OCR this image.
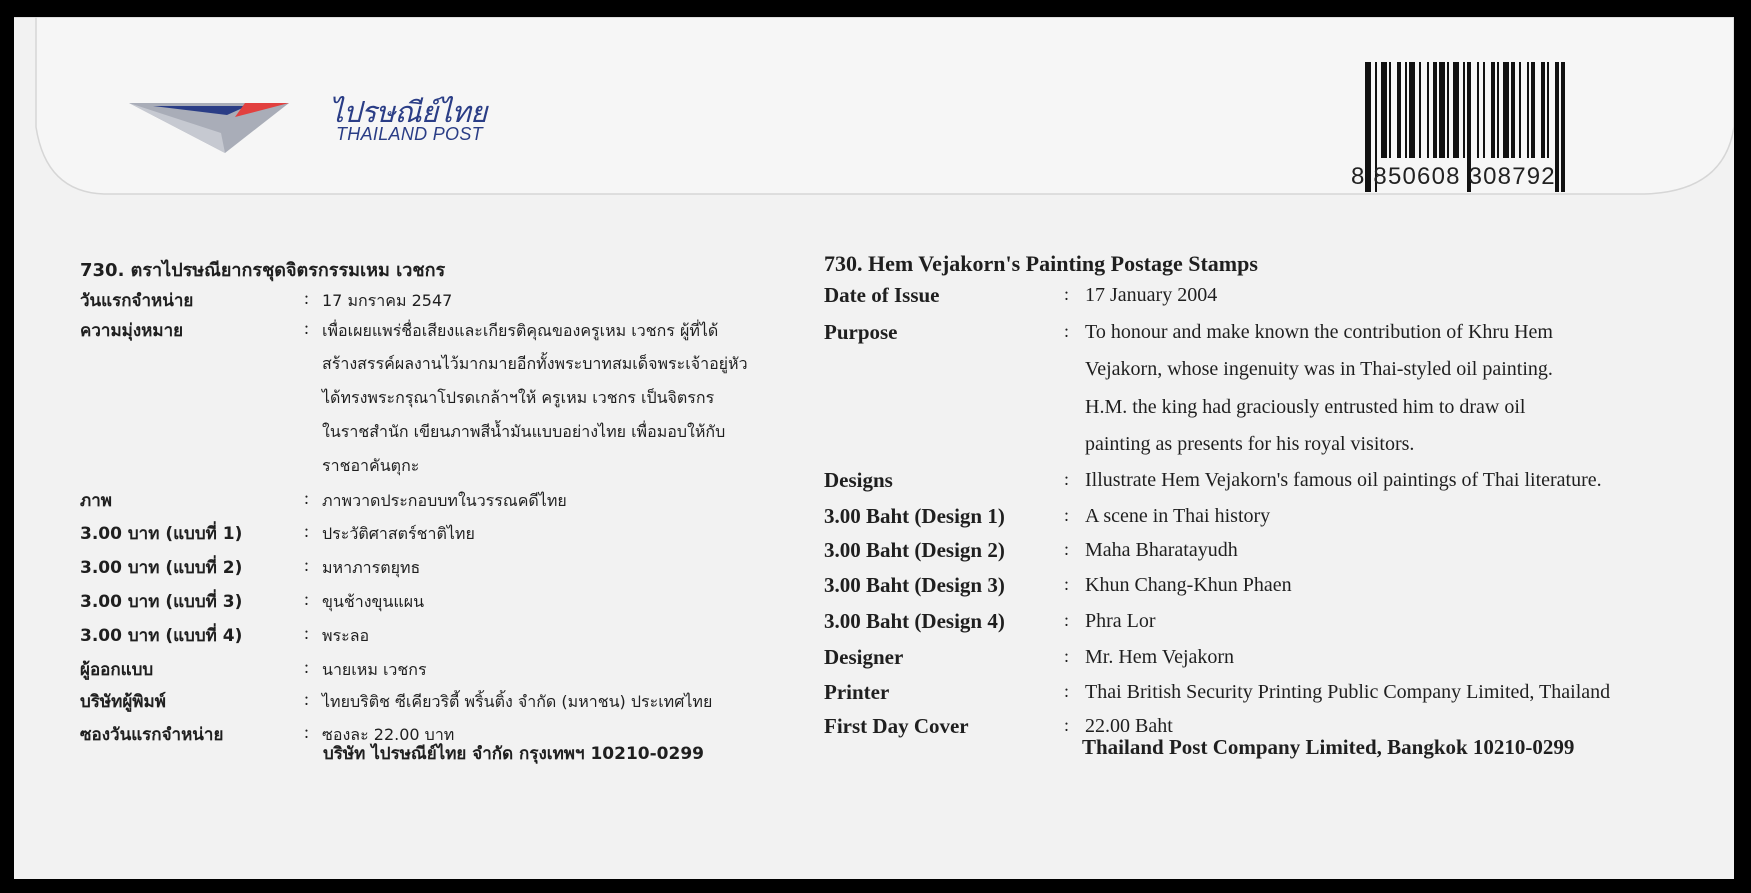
ไปรษณีย์ไทย
THAILAND POST
8 850608 308792
730. ตราไปรษณียากรชุดจิตรกรรมเหม เวชกร
วันแรกจำหน่าย	: 17 มกราคม 2547
ความมุ่งหมาย	: เพื่อเผยแพร่ชื่อเสียงและเกียรติคุณของครูเหม เวชกร ผู้ที่ได้
สร้างสรรค์ผลงานไว้มากมายอีกทั้งพระบาทสมเด็จพระเจ้าอยู่หัว
ได้ทรงพระกรุณาโปรดเกล้าฯให้ ครูเหม เวชกร เป็นจิตรกร
ในราชสำนัก เขียนภาพสีน้ำมันแบบอย่างไทย เพื่อมอบให้กับ
ราชอาคันตุกะ
ภาพ	: ภาพวาดประกอบบทในวรรณคดีไทย
3.00 บาท (แบบที่ 1)	: ประวัติศาสตร์ชาติไทย
3.00 บาท (แบบที่ 2)	: มหาภารตยุทธ
3.00 บาท (แบบที่ 3)	: ขุนช้างขุนแผน
3.00 บาท (แบบที่ 4)	: พระลอ
ผู้ออกแบบ	: นายเหม เวชกร
บริษัทผู้พิมพ์	: ไทยบริติช ซีเคียวริตี้ พริ้นติ้ง จำกัด (มหาชน) ประเทศไทย
ซองวันแรกจำหน่าย	: ซองละ 22.00 บาท
730. Hem Vejakorn's Painting Postage Stamps
Date of Issue	: 17 January 2004
Purpose	: To honour and make known the contribution of Khru Hem
Vejakorn, whose ingenuity was in Thai-styled oil painting.
H.M. the king had graciously entrusted him to draw oil
painting as presents for his royal visitors.
Designs	: Illustrate Hem Vejakorn's famous oil paintings of Thai literature.
3.00 Baht (Design 1)	: A scene in Thai history
3.00 Baht (Design 2)	: Maha Bharatayudh
3.00 Baht (Design 3)	: Khun Chang-Khun Phaen
3.00 Baht (Design 4)	: Phra Lor
Designer	: Mr. Hem Vejakorn
Printer	: Thai British Security Printing Public Company Limited, Thailand
First Day Cover	: 22.00 Baht
บริษัท ไปรษณีย์ไทย จำกัด กรุงเทพฯ 10210-0299	Thailand Post Company Limited, Bangkok 10210-0299
